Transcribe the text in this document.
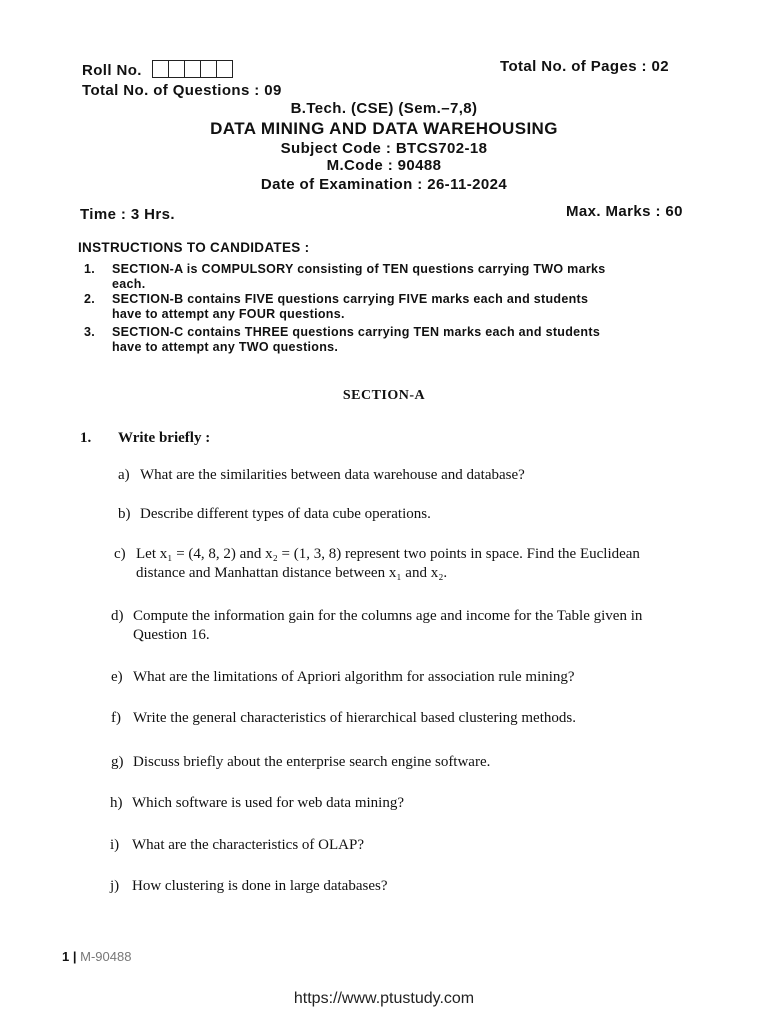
Roll No.	Total No. of Pages : 02
Total No. of Questions : 09
B.Tech. (CSE) (Sem.–7,8)
DATA MINING AND DATA WAREHOUSING
Subject Code : BTCS702-18
M.Code : 90488
Date of Examination : 26-11-2024
Time : 3 Hrs.	Max. Marks : 60
INSTRUCTIONS TO CANDIDATES :
1. SECTION-A is COMPULSORY consisting of TEN questions carrying TWO marks
each.
2. SECTION-B contains FIVE questions carrying FIVE marks each and students
have to attempt any FOUR questions.
3. SECTION-C contains THREE questions carrying TEN marks each and students
have to attempt any TWO questions.
SECTION-A
1. Write briefly :
a) What are the similarities between data warehouse and database?
b) Describe different types of data cube operations.
c) Let x₁ = (4, 8, 2) and x₂ = (1, 3, 8) represent two points in space. Find the Euclidean
distance and Manhattan distance between x₁ and x₂.
d) Compute the information gain for the columns age and income for the Table given in
Question 16.
e) What are the limitations of Apriori algorithm for association rule mining?
f) Write the general characteristics of hierarchical based clustering methods.
g) Discuss briefly about the enterprise search engine software.
h) Which software is used for web data mining?
i) What are the characteristics of OLAP?
j) How clustering is done in large databases?
1 | M-90488
https://www.ptustudy.com
